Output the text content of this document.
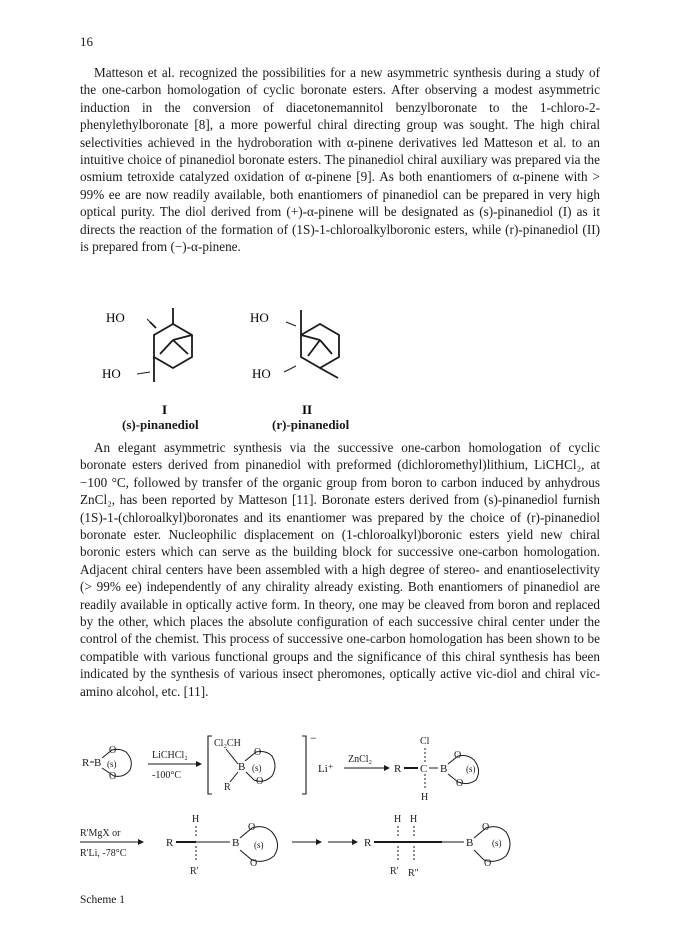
16

Matteson et al. recognized the possibilities for a new asymmetric synthesis during a study of the one-carbon homologation of cyclic boronate esters. After observing a modest asymmetric induction in the conversion of diacetonemannitol benzylboronate to the 1-chloro-2-phenylethylboronate [8], a more powerful chiral directing group was sought. The high chiral selectivities achieved in the hydroboration with α-pinene derivatives led Matteson et al. to an intuitive choice of pinanediol boronate esters. The pinanediol chiral auxiliary was prepared via the osmium tetroxide catalyzed oxidation of α-pinene [9]. As both enantiomers of α-pinene with > 99% ee are now readily available, both enantiomers of pinanediol can be prepared in very high optical purity. The diol derived from (+)-α-pinene will be designated as (s)-pinanediol (I) as it directs the reaction of the formation of (1S)-1-chloroalkylboronic esters, while (r)-pinanediol (II) is prepared from (−)-α-pinene.

HO
HO
I
HO
HO
II
(s)-pinanediol	(r)-pinanediol

An elegant asymmetric synthesis via the successive one-carbon homologation of cyclic boronate esters derived from pinanediol with preformed (dichloromethyl)lithium, LiCHCl₂, at −100 °C, followed by transfer of the organic group from boron to carbon induced by anhydrous ZnCl₂, has been reported by Matteson [11]. Boronate esters derived from (s)-pinanediol furnish (1S)-1-(chloroalkyl)boronates and its enantiomer was prepared by the choice of (r)-pinanediol boronate ester. Nucleophilic displacement on (1-chloroalkyl)boronic esters yield new chiral boronic esters which can serve as the building block for successive one-carbon homologation. Adjacent chiral centers have been assembled with a high degree of stereo- and enantioselectivity (> 99% ee) independently of any chirality already existing. Both enantiomers of pinanediol are readily available in optically active form. In theory, one may be cleaved from boron and replaced by the other, which places the absolute configuration of each successive chiral center under the control of the chemist. This process of successive one-carbon homologation has been shown to be compatible with various functional groups and the significance of this chiral synthesis has been indicated by the synthesis of various insect pheromones, optically active vic-diol and chiral vic-amino alcohol, etc. [11].

R B (s)
O
O
LiCHCl₂
-100°C
Cl₂CH
B (s)
O
O
R
−
Li⁺
ZnCl₂
Cl
R C B (s)
O
O
H
R'MgX or
R'Li, -78°C
H
R
R'
B (s)
O
O
R
H H
R' R"
B (s)
O
O
Scheme 1
